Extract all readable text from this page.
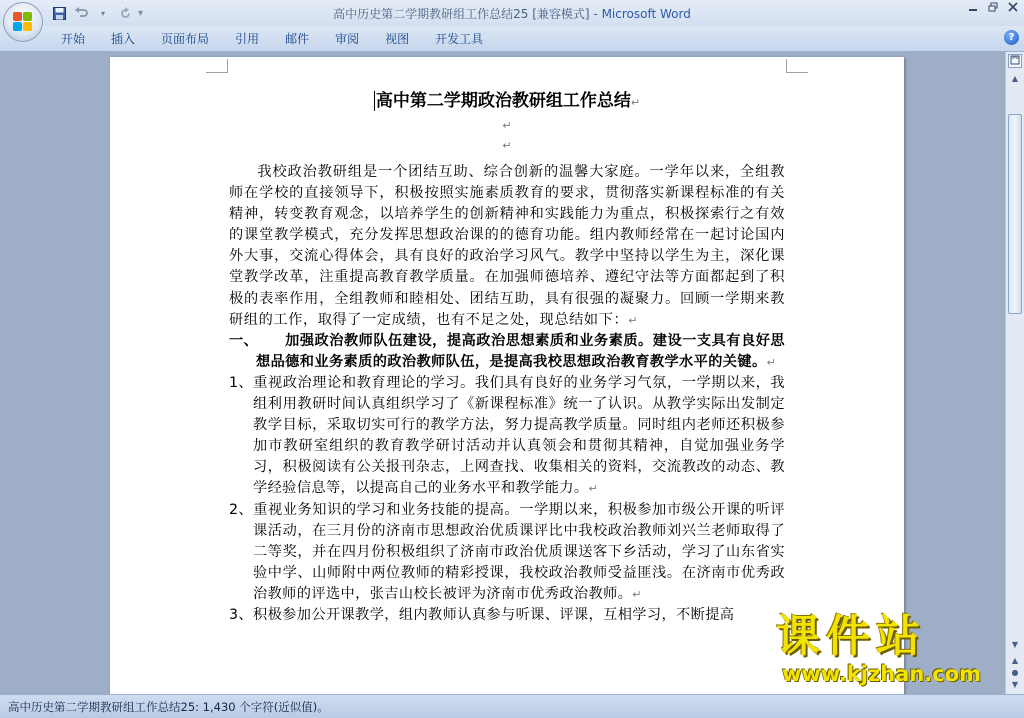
▾	▾	高中历史第二学期教研组工作总结25 [兼容模式] - Microsoft Word
开始	插入	页面布局	引用	邮件	审阅	视图	开发工具	?
高中第二学期政治教研组工作总结↵
↵
↵
我校政治教研组是一个团结互助、综合创新的温馨大家庭。一学年以来，全组教师在学校的直接领导下，积极按照实施素质教育的要求，贯彻落实新课程标准的有关精神，转变教育观念，以培养学生的创新精神和实践能力为重点，积极探索行之有效的课堂教学模式，充分发挥思想政治课的的德育功能。组内教师经常在一起讨论国内外大事，交流心得体会，具有良好的政治学习风气。教学中坚持以学生为主，深化课堂教学改革，注重提高教育教学质量。在加强师德培养、遵纪守法等方面都起到了积极的表率作用，全组教师和睦相处、团结互助，具有很强的凝聚力。回顾一学期来教研组的工作，取得了一定成绩，也有不足之处，现总结如下：↵
一、 加强政治教师队伍建设，提高政治思想素质和业务素质。建设一支具有良好思想品德和业务素质的政治教师队伍，是提高我校思想政治教育教学水平的关键。↵
1、重视政治理论和教育理论的学习。我们具有良好的业务学习气氛，一学期以来，我组利用教研时间认真组织学习了《新课程标准》统一了认识。从教学实际出发制定教学目标，采取切实可行的教学方法，努力提高教学质量。同时组内老师还积极参加市教研室组织的教育教学研讨活动并认真领会和贯彻其精神，自觉加强业务学习，积极阅读有公关报刊杂志，上网查找、收集相关的资料，交流教改的动态、教学经验信息等，以提高自己的业务水平和教学能力。↵
2、重视业务知识的学习和业务技能的提高。一学期以来，积极参加市级公开课的听评课活动，在三月份的济南市思想政治优质课评比中我校政治教师刘兴兰老师取得了二等奖，并在四月份积极组织了济南市政治优质课送客下乡活动，学习了山东省实验中学、山师附中两位教师的精彩授课，我校政治教师受益匪浅。在济南市优秀政治教师的评选中，张吉山校长被评为济南市优秀政治教师。↵
3、积极参加公开课教学，组内教师认真参与听课、评课，互相学习，不断提高
▲
▼
▲
●
▼
高中历史第二学期教研组工作总结25: 1,430 个字符(近似值)。
课件站
www.kjzhan.com
